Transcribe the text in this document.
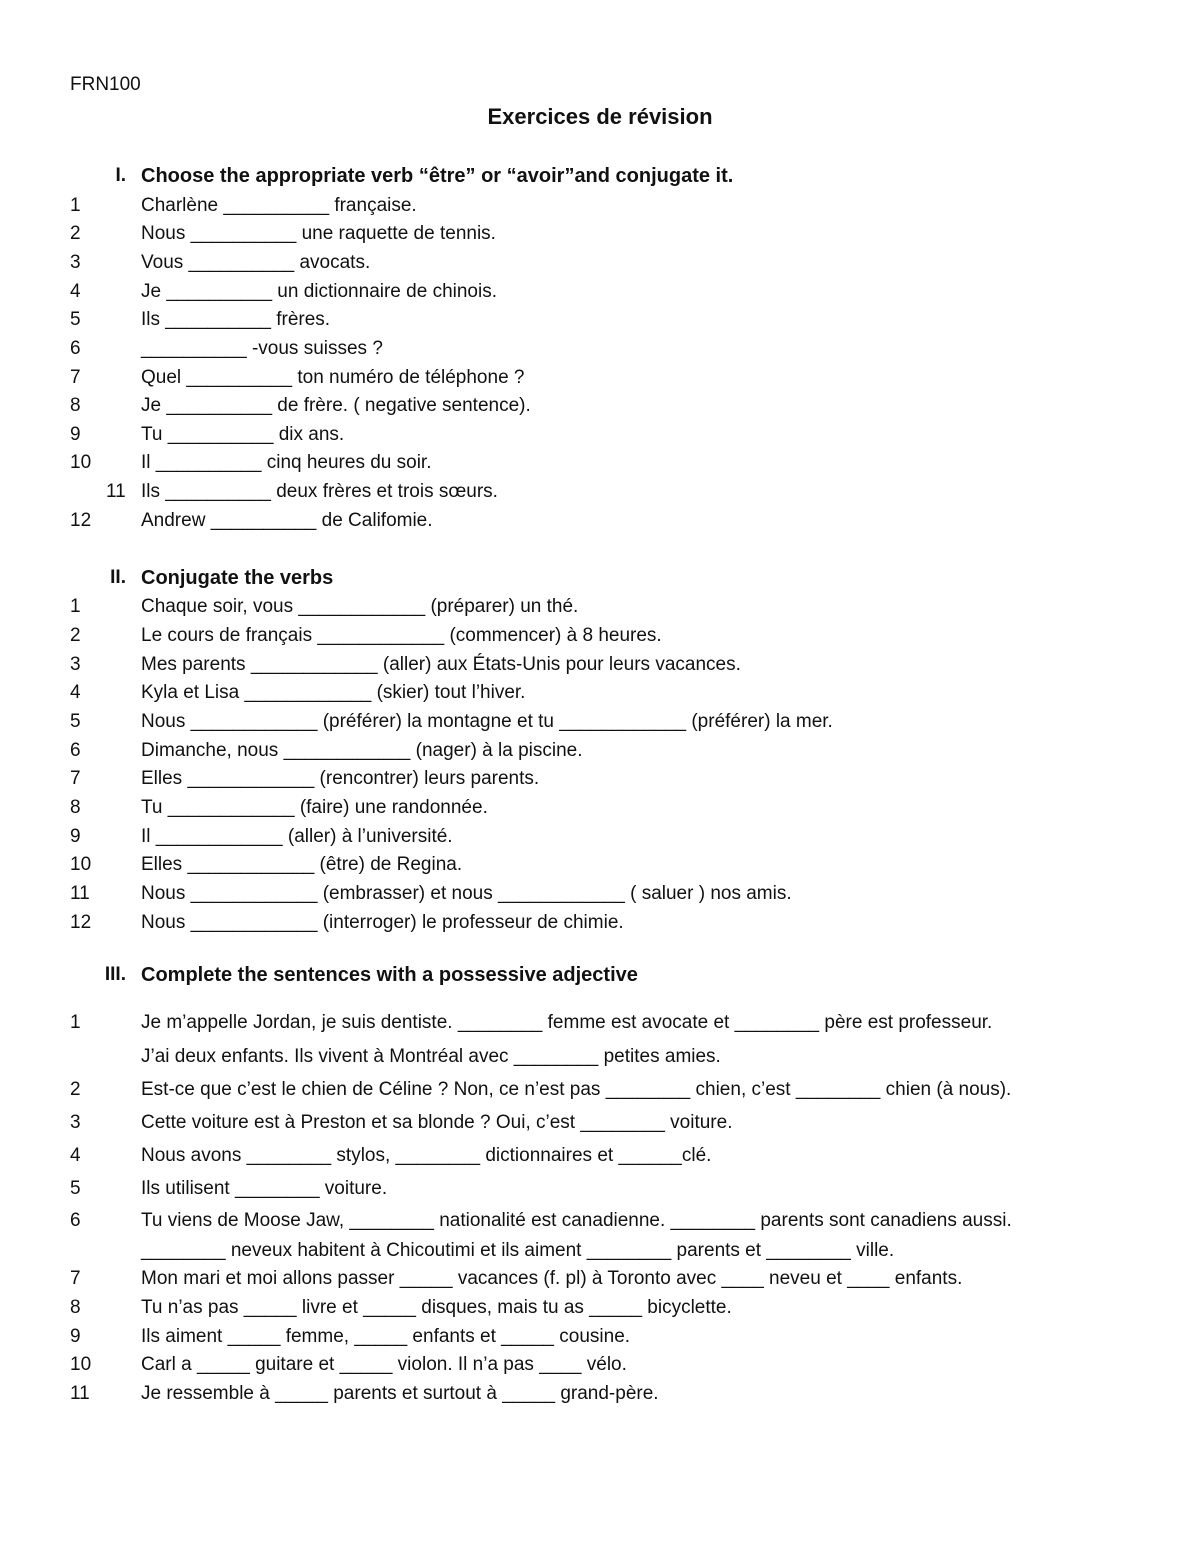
FRN100
Exercices de révision
I. Choose the appropriate verb “être” or “avoir”and conjugate it.
1	Charlène __________ française.
2	Nous __________ une raquette de tennis.
3	Vous __________ avocats.
4	Je __________ un dictionnaire de chinois.
5	Ils __________ frères.
6	__________ -vous suisses ?
7	Quel __________ ton numéro de téléphone ?
8	Je __________ de frère. ( negative sentence).
9	Tu __________ dix ans.
10	Il __________ cinq heures du soir.
11 Ils __________ deux frères et trois sœurs.
12	Andrew __________ de Califomie.
II. Conjugate the verbs
1	Chaque soir, vous ____________ (préparer) un thé.
2	Le cours de français ____________ (commencer) à 8 heures.
3	Mes parents ____________ (aller) aux États-Unis pour leurs vacances.
4	Kyla et Lisa ____________ (skier) tout l’hiver.
5	Nous ____________ (préférer) la montagne et tu ____________ (préférer) la mer.
6	Dimanche, nous ____________ (nager) à la piscine.
7	Elles ____________ (rencontrer) leurs parents.
8	Tu ____________ (faire) une randonnée.
9	Il ____________ (aller) à l’université.
10	Elles ____________ (être) de Regina.
11	Nous ____________ (embrasser) et nous ____________ ( saluer ) nos amis.
12	Nous ____________ (interroger) le professeur de chimie.
III. Complete the sentences with a possessive adjective
1	Je m’appelle Jordan, je suis dentiste. ________ femme est avocate et ________ père est professeur.
J’ai deux enfants. Ils vivent à Montréal avec ________ petites amies.
2	Est-ce que c’est le chien de Céline ? Non, ce n’est pas ________ chien, c’est ________ chien (à nous).
3	Cette voiture est à Preston et sa blonde ? Oui, c’est ________ voiture.
4	Nous avons ________ stylos, ________ dictionnaires et ______clé.
5	Ils utilisent ________ voiture.
6	Tu viens de Moose Jaw, ________ nationalité est canadienne. ________ parents sont canadiens aussi.
________ neveux habitent à Chicoutimi et ils aiment ________ parents et ________ ville.
7	Mon mari et moi allons passer _____ vacances (f. pl) à Toronto avec ____ neveu et ____ enfants.
8	Tu n’as pas _____ livre et _____ disques, mais tu as _____ bicyclette.
9	Ils aiment _____ femme, _____ enfants et _____ cousine.
10	Carl a _____ guitare et _____ violon. Il n’a pas ____ vélo.
11	Je ressemble à _____ parents et surtout à _____ grand-père.
